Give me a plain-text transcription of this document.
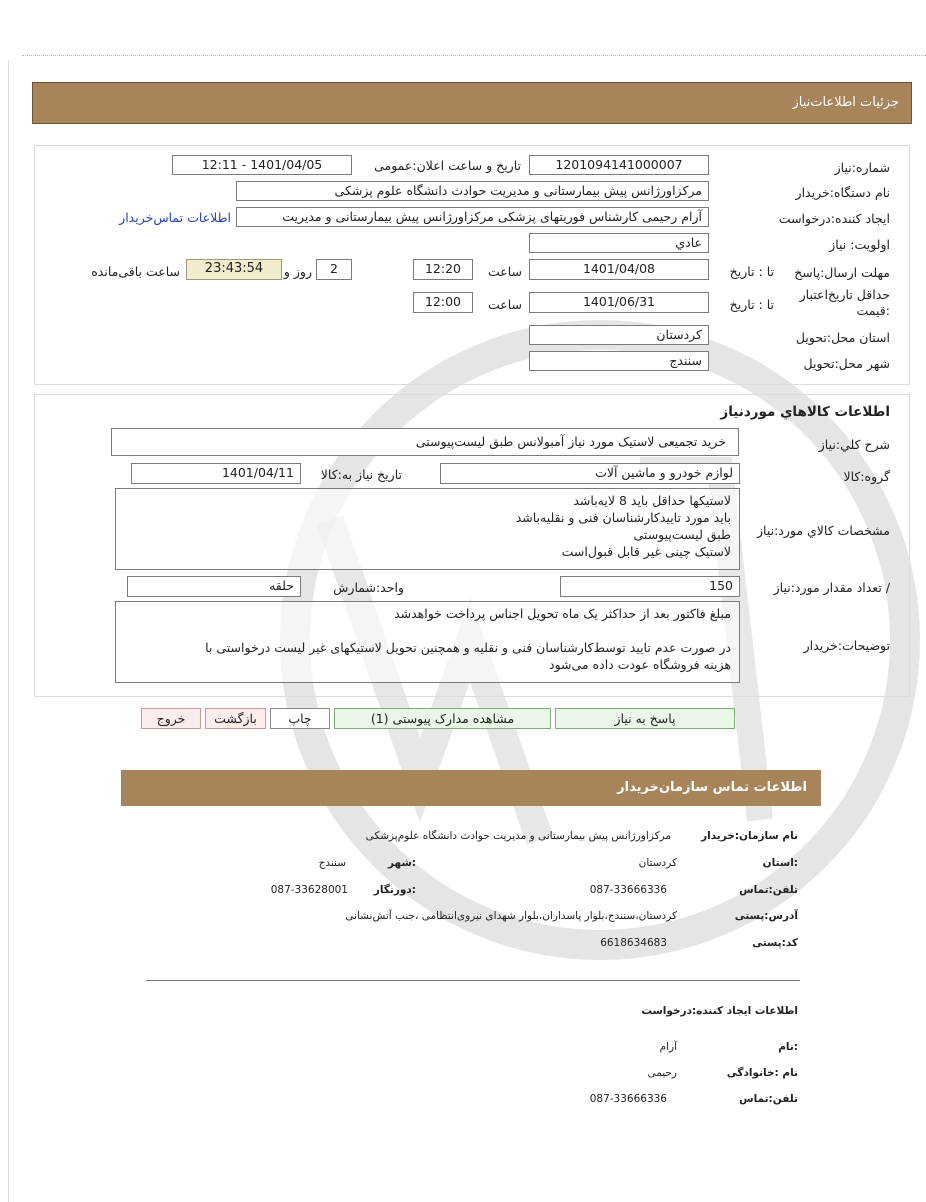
جزئیات اطلاعات‌نیاز
شماره:نیاز
1201094141000007
تاريخ و ساعت اعلان:عمومی
1401/04/05 - 12:11
نام دستگاه:خریدار
مرکزاورژانس پیش بیمارستانی و مدیریت حوادث دانشگاه علوم پزشکی
ایجاد کننده:درخواست
آرام رحیمی کارشناس فوریتهای پزشکی مرکزاورژانس پیش بیمارستانی و مدیریت
اطلاعات تماس‌خریدار
اولویت: نیاز
عادي
مهلت ارسال:پاسخ
تا : تاریخ
1401/04/08
ساعت
12:20
2
روز و
23:43:54
ساعت باقی‌مانده
حداقل تاريخ‌اعتبار
:قیمت
تا : تاریخ
1401/06/31
ساعت
12:00
استان محل:تحویل
کردستان
شهر محل:تحویل
سنندج
اطلاعات کالاهاي موردنياز
شرح کلي:نياز
خرید تجمیعی لاستیک مورد نیاز آمبولانس طبق لیست‌پیوستی
گروه:کالا
لوازم خودرو و ماشین آلات
تاريخ نياز به:کالا
1401/04/11
مشخصات کالاي مورد:نياز
لاستیکها حداقل باید 8 لایه‌باشد
باید مورد تاییدکارشناسان فنی و نقلیه‌باشد
طبق لیست‌پیوستی
لاستیک چینی غیر قابل قبول‌است
/ تعداد مقدار مورد:نياز
150
واحد:شمارش
حلقه
توضیحات:خریدار
مبلغ فاکتور بعد از حداکثر یک ماه تحویل اجناس پرداخت خواهدشد
در صورت عدم تایید توسط‌کارشناسان فنی و نقلیه و همچنین تحویل لاستیکهای غیر لیست درخواستی با
هزینه فروشگاه عودت داده می‌شود
پاسخ به نیاز
مشاهده مدارک پیوستی (1)
چاپ
بازگشت
خروج
اطلاعات تماس سازمان‌خریدار
نام سازمان:خریدار
مرکزاورژانس پیش بیمارستانی و مدیریت حوادث دانشگاه علوم‌پزشکی
:استان
کردستان
:شهر
سنندج
تلفن:تماس
087-33666336
:دورنگار
087-33628001
آدرس:پستی
کردستان،سنندج،بلوار پاسداران،بلوار شهدای نیروی‌انتظامی ،جنب آتش‌نشانی
کد:پستی
6618634683
اطلاعات ایجاد کننده:درخواست
:نام
آرام
نام :خانوادگی
رحیمی
تلفن:تماس
087-33666336
